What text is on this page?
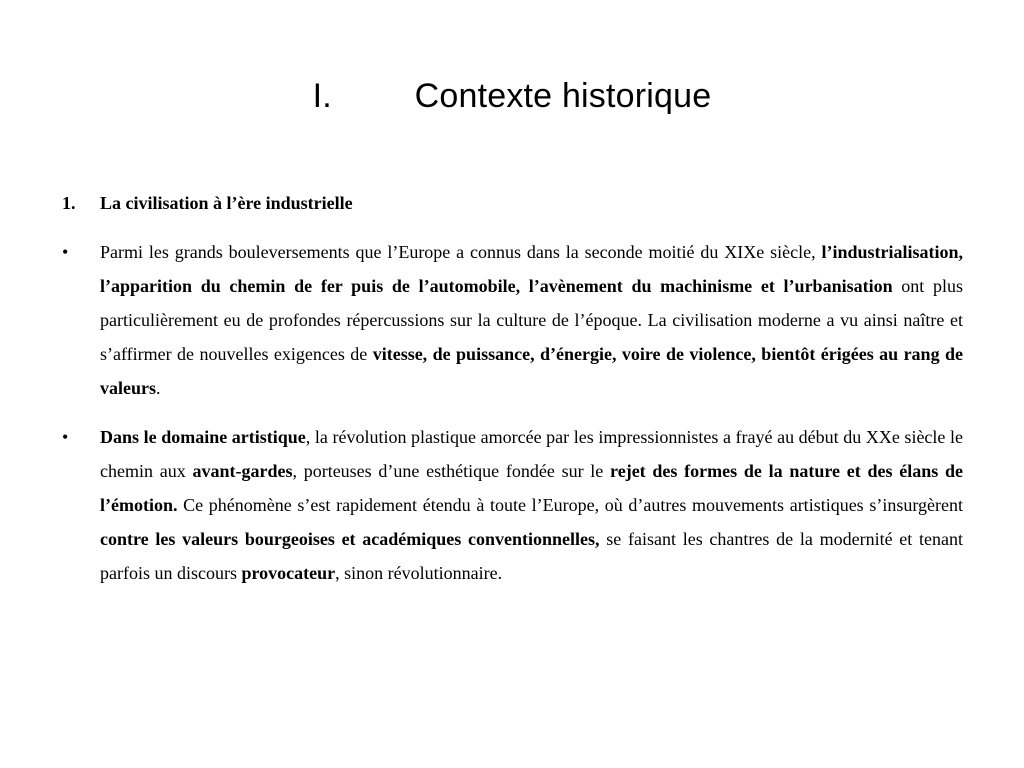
I. Contexte historique
1.	La civilisation à l’ère industrielle
•	Parmi les grands bouleversements que l’Europe a connus dans la seconde moitié du XIXe siècle, l’industrialisation, l’apparition du chemin de fer puis de l’automobile, l’avènement du machinisme et l’urbanisation ont plus particulièrement eu de profondes répercussions sur la culture de l’époque. La civilisation moderne a vu ainsi naître et s’affirmer de nouvelles exigences de vitesse, de puissance, d’énergie, voire de violence, bientôt érigées au rang de valeurs.
•	Dans le domaine artistique, la révolution plastique amorcée par les impressionnistes a frayé au début du XXe siècle le chemin aux avant-gardes, porteuses d’une esthétique fondée sur le rejet des formes de la nature et des élans de l’émotion. Ce phénomène s’est rapidement étendu à toute l’Europe, où d’autres mouvements artistiques s’insurgèrent contre les valeurs bourgeoises et académiques conventionnelles, se faisant les chantres de la modernité et tenant parfois un discours provocateur, sinon révolutionnaire.
